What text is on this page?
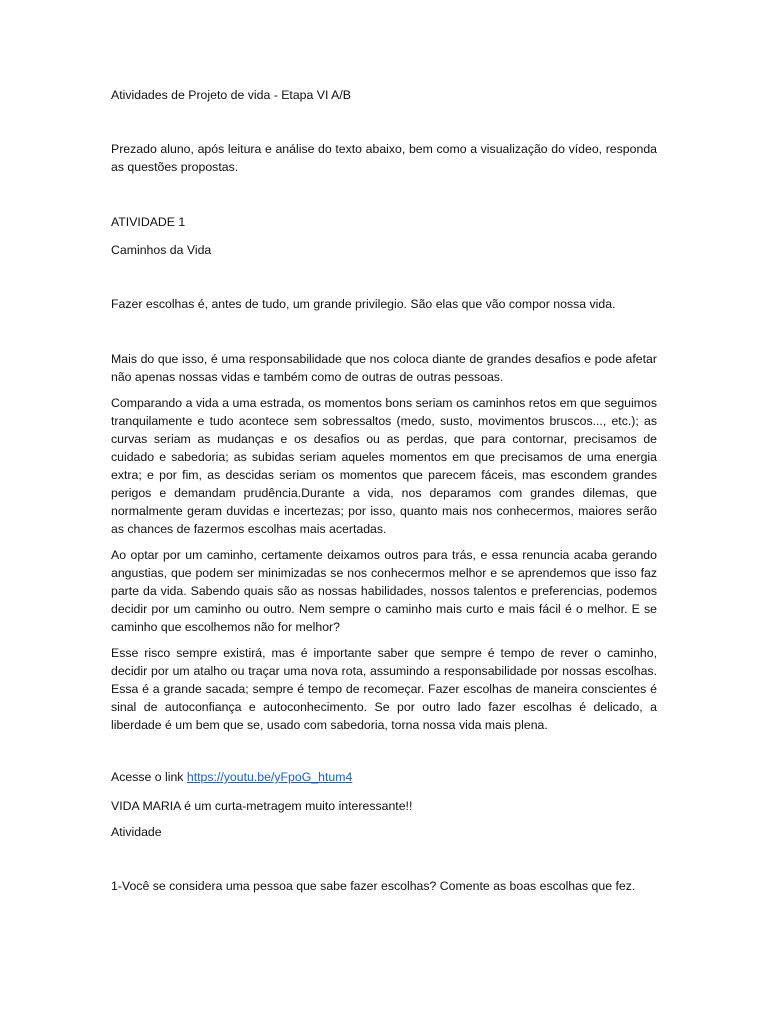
Atividades de Projeto de vida - Etapa VI A/B
Prezado aluno, após leitura e análise do texto abaixo, bem como a visualização do vídeo, responda as questões propostas.
ATIVIDADE 1
Caminhos da Vida
Fazer escolhas é, antes de tudo, um grande privilegio. São elas que vão compor nossa vida.
Mais do que isso, é uma responsabilidade que nos coloca diante de grandes desafios e pode afetar não apenas nossas vidas e também como de outras de outras pessoas.
Comparando a vida a uma estrada, os momentos bons seriam os caminhos retos em que seguimos tranquilamente e tudo acontece sem sobressaltos (medo, susto, movimentos bruscos..., etc.); as curvas seriam as mudanças e os desafios ou as perdas, que para contornar, precisamos de cuidado e sabedoria; as subidas seriam aqueles momentos em que precisamos de uma energia extra; e por fim, as descidas seriam os momentos que parecem fáceis, mas escondem grandes perigos e demandam prudência.Durante a vida, nos deparamos com grandes dilemas, que normalmente geram duvidas e incertezas; por isso, quanto mais nos conhecermos, maiores serão as chances de fazermos escolhas mais acertadas.
Ao optar por um caminho, certamente deixamos outros para trás, e essa renuncia acaba gerando angustias, que podem ser minimizadas se nos conhecermos melhor e se aprendemos que isso faz parte da vida. Sabendo quais são as nossas habilidades, nossos talentos e preferencias, podemos decidir por um caminho ou outro. Nem sempre o caminho mais curto e mais fácil é o melhor. E se caminho que escolhemos não for melhor?
Esse risco sempre existirá, mas é importante saber que sempre é tempo de rever o caminho, decidir por um atalho ou traçar uma nova rota, assumindo a responsabilidade por nossas escolhas. Essa é a grande sacada; sempre é tempo de recomeçar. Fazer escolhas de maneira conscientes é sinal de autoconfiança e autoconhecimento. Se por outro lado fazer escolhas é delicado, a liberdade é um bem que se, usado com sabedoria, torna nossa vida mais plena.
Acesse o link https://youtu.be/yFpoG_htum4
VIDA MARIA é um curta-metragem muito interessante!!
Atividade
1-Você se considera uma pessoa que sabe fazer escolhas? Comente as boas escolhas que fez.
